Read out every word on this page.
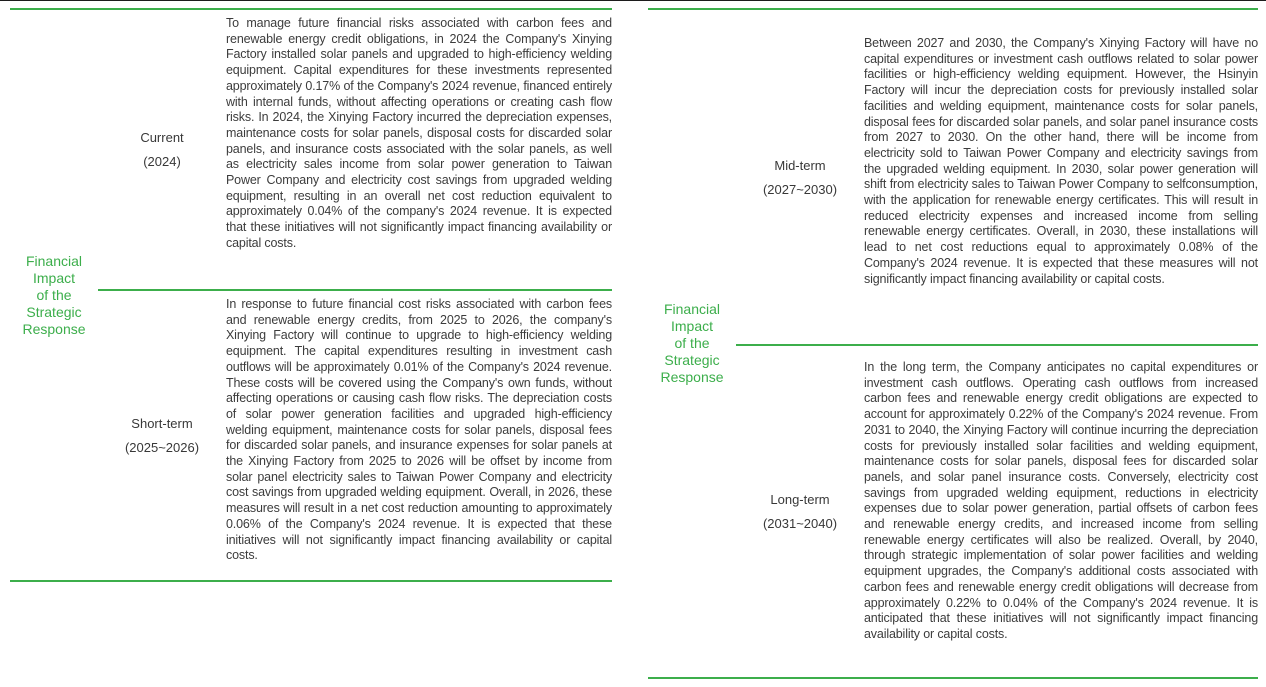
Financial
Impact
of the
Strategic
Response
Current
(2024)
To manage future financial risks associated with carbon fees and renewable energy credit obligations, in 2024 the Company's Xinying Factory installed solar panels and upgraded to high-efficiency welding equipment. Capital expenditures for these investments represented approximately 0.17% of the Company's 2024 revenue, financed entirely with internal funds, without affecting operations or creating cash flow risks. In 2024, the Xinying Factory incurred the depreciation expenses, maintenance costs for solar panels, disposal costs for discarded solar panels, and insurance costs associated with the solar panels, as well as electricity sales income from solar power generation to Taiwan Power Company and electricity cost savings from upgraded welding equipment, resulting in an overall net cost reduction equivalent to approximately 0.04% of the company's 2024 revenue. It is expected that these initiatives will not significantly impact financing availability or capital costs.
Short-term
(2025~2026)
In response to future financial cost risks associated with carbon fees and renewable energy credits, from 2025 to 2026, the company's Xinying Factory will continue to upgrade to high-efficiency welding equipment. The capital expenditures resulting in investment cash outflows will be approximately 0.01% of the Company's 2024 revenue. These costs will be covered using the Company's own funds, without affecting operations or causing cash flow risks. The depreciation costs of solar power generation facilities and upgraded high-efficiency welding equipment, maintenance costs for solar panels, disposal fees for discarded solar panels, and insurance expenses for solar panels at the Xinying Factory from 2025 to 2026 will be offset by income from solar panel electricity sales to Taiwan Power Company and electricity cost savings from upgraded welding equipment. Overall, in 2026, these measures will result in a net cost reduction amounting to approximately 0.06% of the Company's 2024 revenue. It is expected that these initiatives will not significantly impact financing availability or capital costs.
Financial
Impact
of the
Strategic
Response
Mid-term
(2027~2030)
Between 2027 and 2030, the Company's Xinying Factory will have no capital expenditures or investment cash outflows related to solar power facilities or high-efficiency welding equipment. However, the Hsinyin Factory will incur the depreciation costs for previously installed solar facilities and welding equipment, maintenance costs for solar panels, disposal fees for discarded solar panels, and solar panel insurance costs from 2027 to 2030. On the other hand, there will be income from electricity sold to Taiwan Power Company and electricity savings from the upgraded welding equipment. In 2030, solar power generation will shift from electricity sales to Taiwan Power Company to selfconsumption, with the application for renewable energy certificates. This will result in reduced electricity expenses and increased income from selling renewable energy certificates. Overall, in 2030, these installations will lead to net cost reductions equal to approximately 0.08% of the Company's 2024 revenue. It is expected that these measures will not significantly impact financing availability or capital costs.
Long-term
(2031~2040)
In the long term, the Company anticipates no capital expenditures or investment cash outflows. Operating cash outflows from increased carbon fees and renewable energy credit obligations are expected to account for approximately 0.22% of the Company's 2024 revenue. From 2031 to 2040, the Xinying Factory will continue incurring the depreciation costs for previously installed solar facilities and welding equipment, maintenance costs for solar panels, disposal fees for discarded solar panels, and solar panel insurance costs. Conversely, electricity cost savings from upgraded welding equipment, reductions in electricity expenses due to solar power generation, partial offsets of carbon fees and renewable energy credits, and increased income from selling renewable energy certificates will also be realized. Overall, by 2040, through strategic implementation of solar power facilities and welding equipment upgrades, the Company's additional costs associated with carbon fees and renewable energy credit obligations will decrease from approximately 0.22% to 0.04% of the Company's 2024 revenue. It is anticipated that these initiatives will not significantly impact financing availability or capital costs.
